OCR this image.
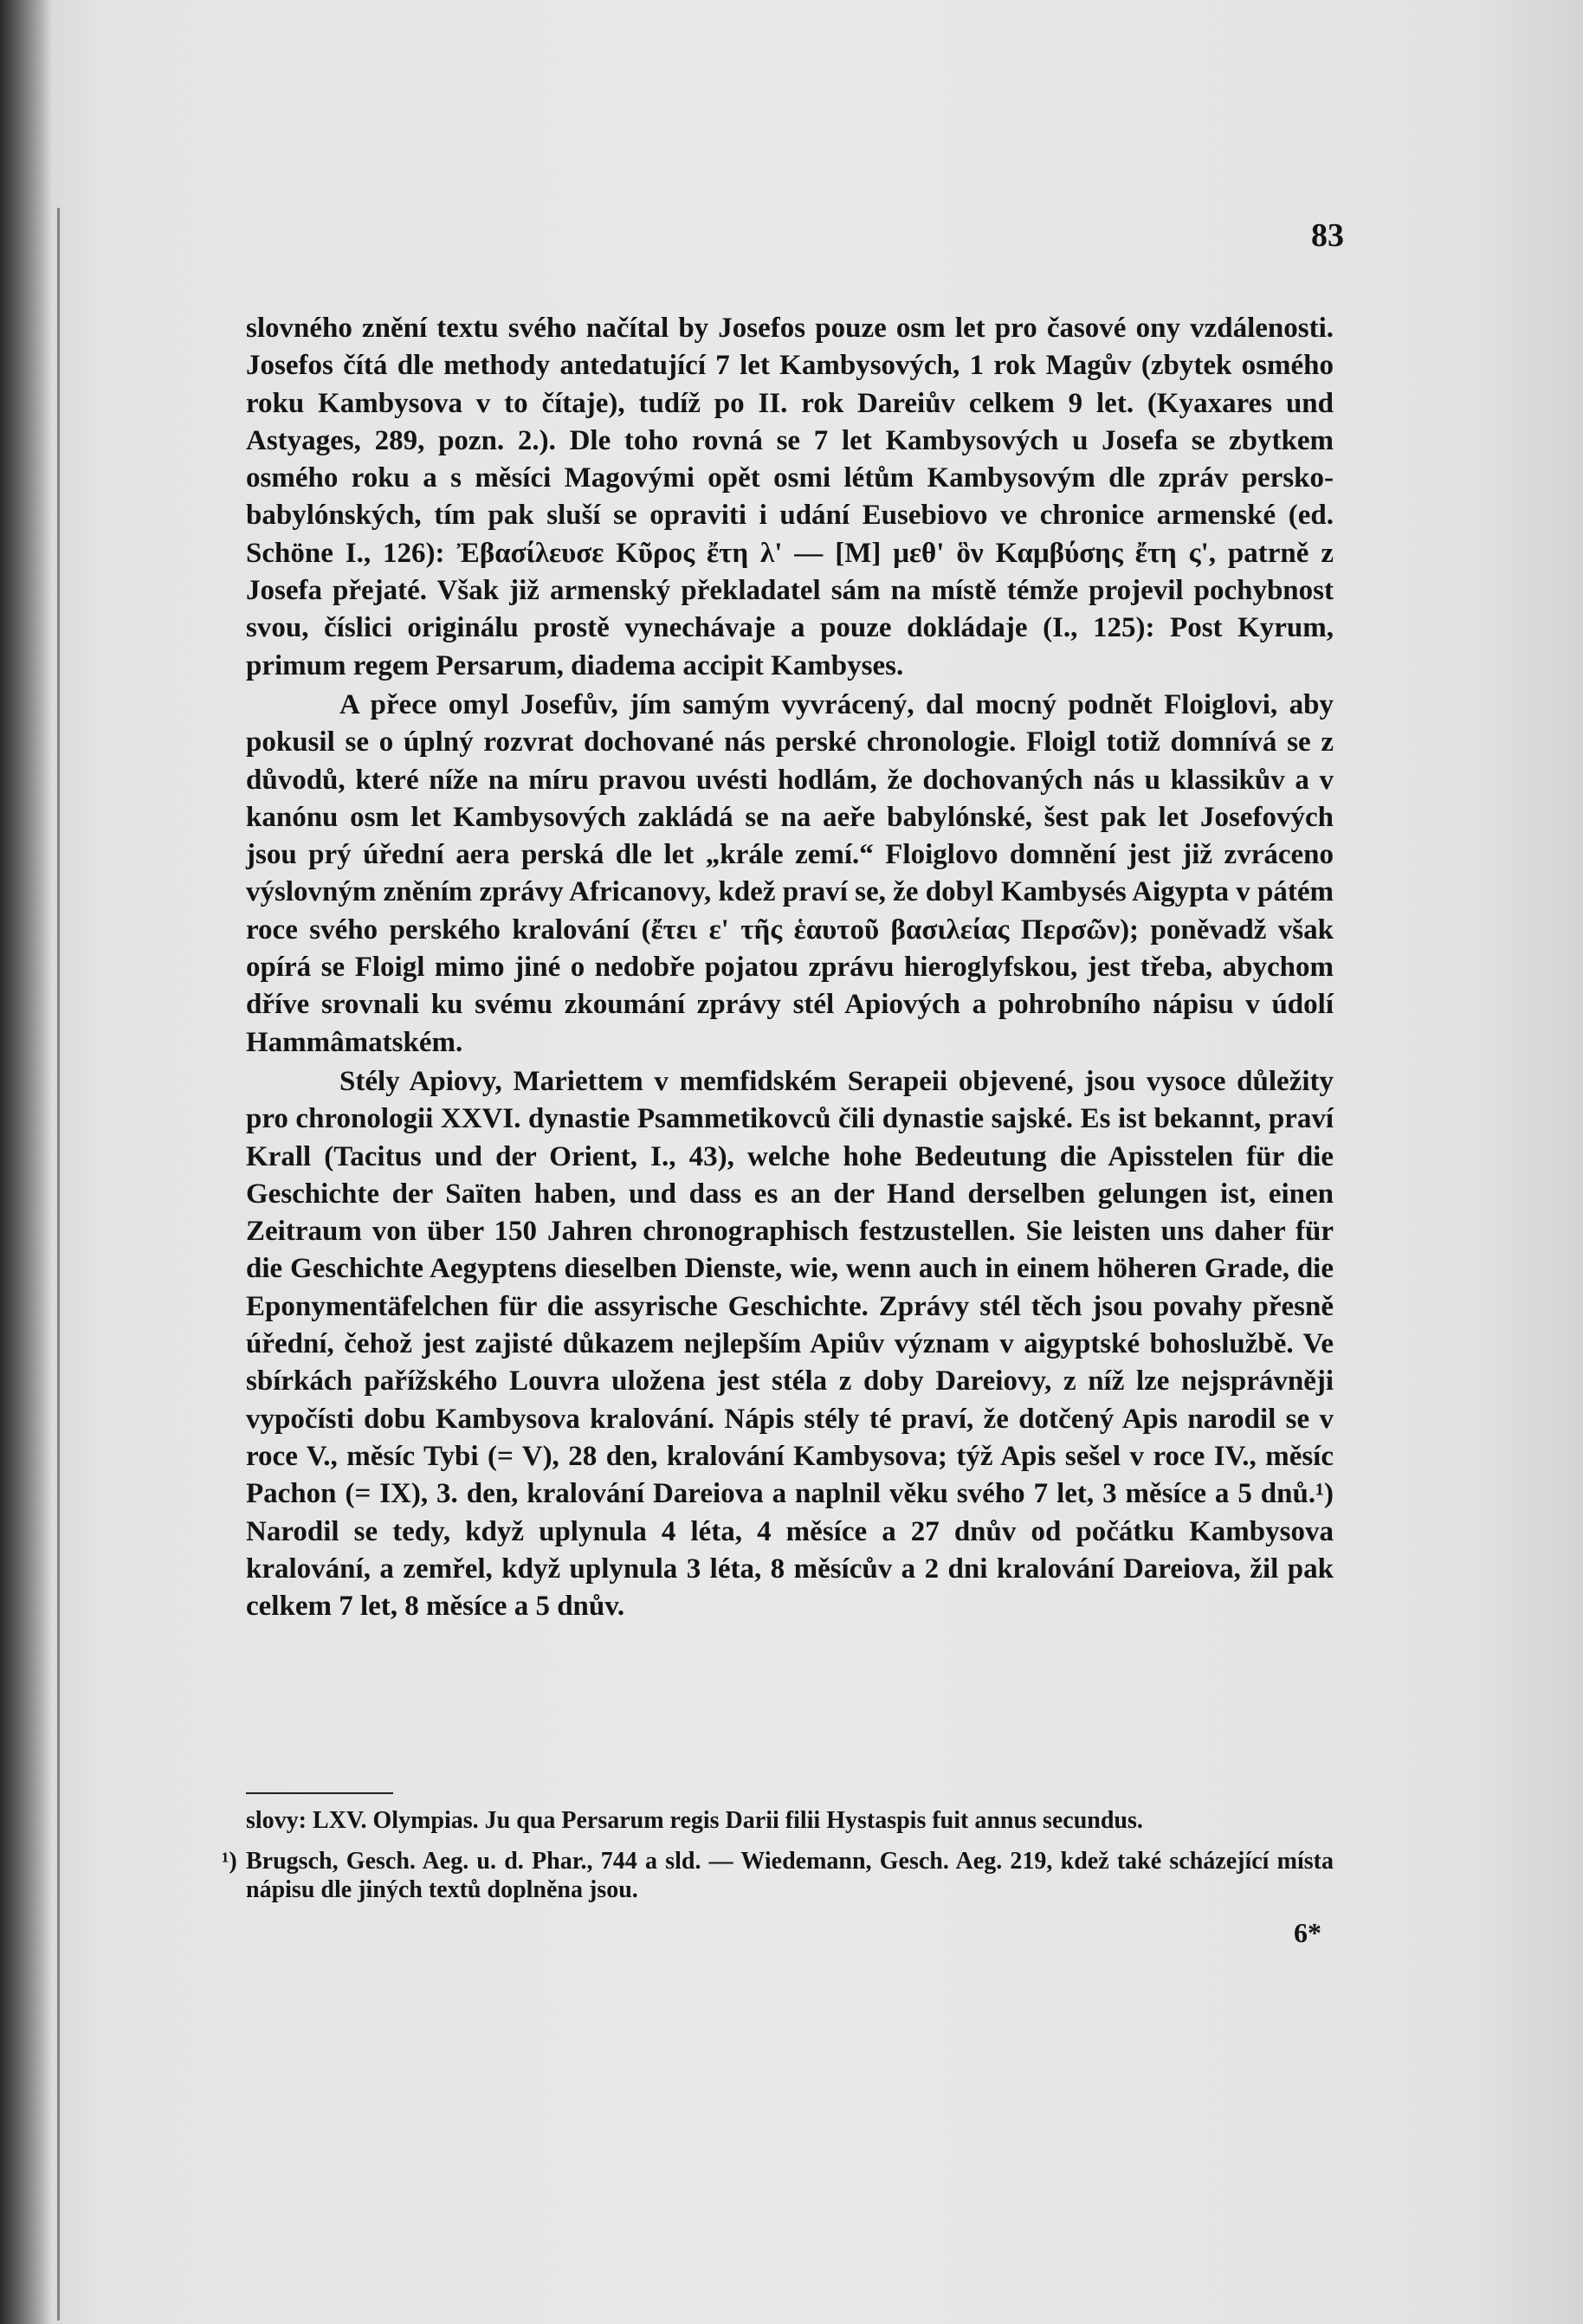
83

slovného znění textu svého načítal by Josefos pouze osm let pro časové ony vzdálenosti. Josefos čítá dle methody antedatující 7 let Kambysových, 1 rok Magův (zbytek osmého roku Kambysova v to čítaje), tudíž po II. rok Dareiův celkem 9 let. (Kyaxares und Astyages, 289, pozn. 2.). Dle toho rovná se 7 let Kambysových u Josefa se zbytkem osmého roku a s měsíci Magovými opět osmi létům Kambysovým dle zpráv persko-babylónských, tím pak sluší se opraviti i udání Eusebiovo ve chronice armenské (ed. Schöne I., 126): Ἐβασίλευσε Κῦρος ἔτη λ' — [M] μεθ' ὃν Καμβύσης ἔτη ς', patrně z Josefa přejaté. Však již armenský překladatel sám na místě témže projevil pochybnost svou, číslici originálu prostě vynechávaje a pouze dokládaje (I., 125): Post Kyrum, primum regem Persarum, diadema accipit Kambyses.

A přece omyl Josefův, jím samým vyvrácený, dal mocný podnět Floiglovi, aby pokusil se o úplný rozvrat dochované nás perské chronologie. Floigl totiž domnívá se z důvodů, které níže na míru pravou uvésti hodlám, že dochovaných nás u klassikův a v kanónu osm let Kambysových zakládá se na aeře babylónské, šest pak let Josefových jsou prý úřední aera perská dle let „krále zemí.“ Floiglovo domnění jest již zvráceno výslovným zněním zprávy Africanovy, kdež praví se, že dobyl Kambysés Aigypta v pátém roce svého perského kralování (ἔτει ε' τῆς ἑαυτοῦ βασιλείας Περσῶν); poněvadž však opírá se Floigl mimo jiné o nedobře pojatou zprávu hieroglyfskou, jest třeba, abychom dříve srovnali ku svému zkoumání zprávy stél Apiových a pohrobního nápisu v údolí Hammâmatském.

Stély Apiovy, Mariettem v memfidském Serapeii objevené, jsou vysoce důležity pro chronologii XXVI. dynastie Psammetikovců čili dynastie sajské. Es ist bekannt, praví Krall (Tacitus und der Orient, I., 43), welche hohe Bedeutung die Apisstelen für die Geschichte der Saïten haben, und dass es an der Hand derselben gelungen ist, einen Zeitraum von über 150 Jahren chronographisch festzustellen. Sie leisten uns daher für die Geschichte Aegyptens dieselben Dienste, wie, wenn auch in einem höheren Grade, die Eponymentäfelchen für die assyrische Geschichte. Zprávy stél těch jsou povahy přesně úřední, čehož jest zajisté důkazem nejlepším Apiův význam v aigyptské bohoslužbě. Ve sbírkách pařížského Louvra uložena jest stéla z doby Dareiovy, z níž lze nejsprávněji vypočísti dobu Kambysova kralování. Nápis stély té praví, že dotčený Apis narodil se v roce V., měsíc Tybi (= V), 28 den, kralování Kambysova; týž Apis sešel v roce IV., měsíc Pachon (= IX), 3. den, kralování Dareiova a naplnil věku svého 7 let, 3 měsíce a 5 dnů.¹) Narodil se tedy, když uplynula 4 léta, 4 měsíce a 27 dnův od počátku Kambysova kralování, a zemřel, když uplynula 3 léta, 8 měsícův a 2 dni kralování Dareiova, žil pak celkem 7 let, 8 měsíce a 5 dnův.

slovy: LXV. Olympias. Ju qua Persarum regis Darii filii Hystaspis fuit annus secundus.

¹) Brugsch, Gesch. Aeg. u. d. Phar., 744 a sld. — Wiedemann, Gesch. Aeg. 219, kdež také scházející místa nápisu dle jiných textů doplněna jsou.

6*
